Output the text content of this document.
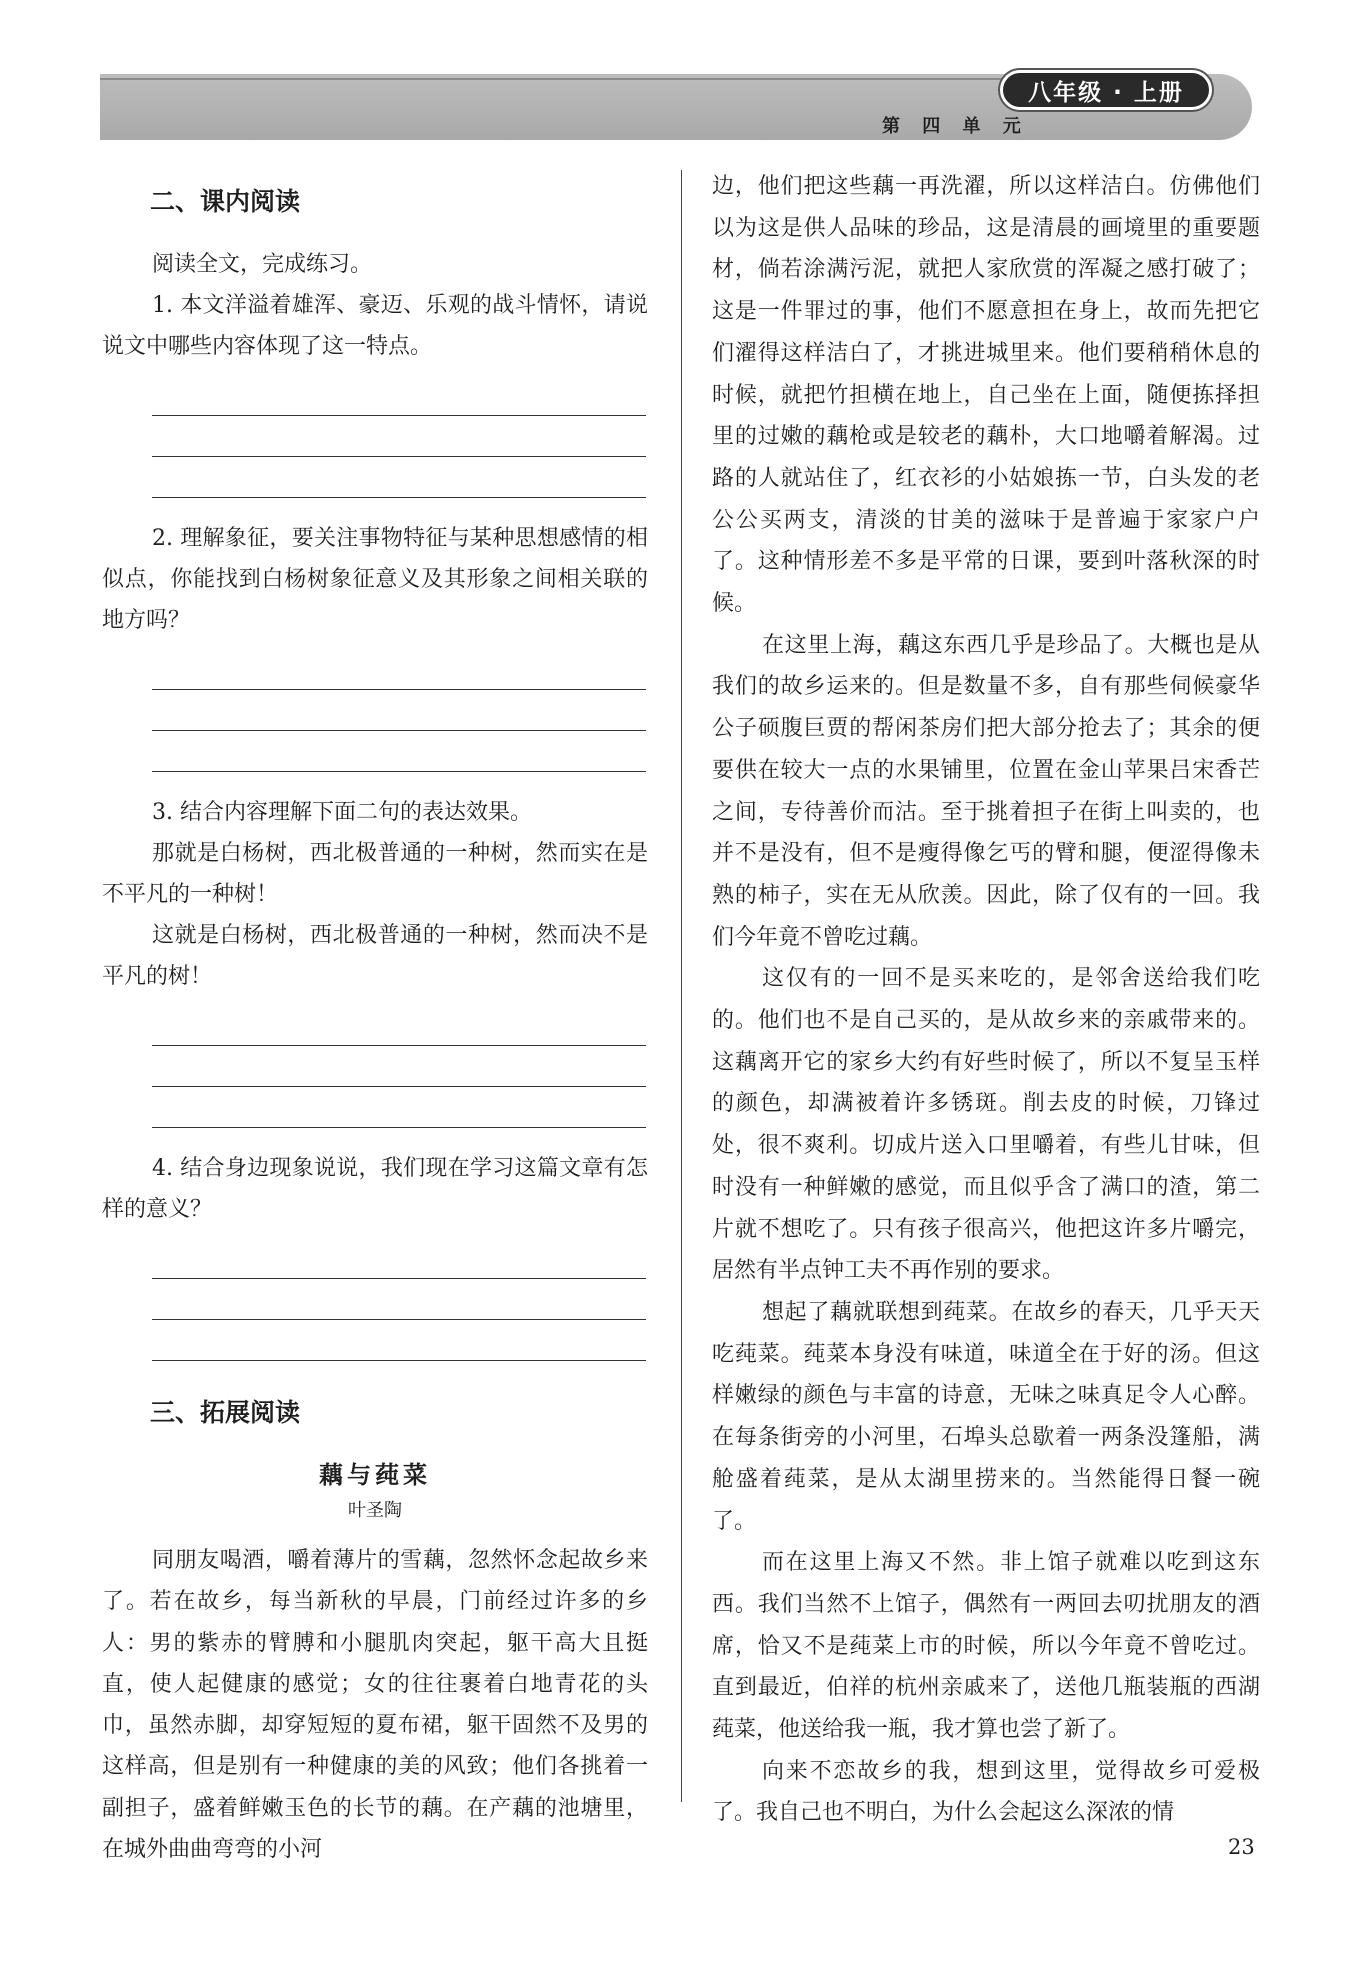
八年级 · 上册
第 四 单 元
二、课内阅读

阅读全文，完成练习。

1. 本文洋溢着雄浑、豪迈、乐观的战斗情怀，请说说文中哪些内容体现了这一特点。

2. 理解象征，要关注事物特征与某种思想感情的相似点，你能找到白杨树象征意义及其形象之间相关联的地方吗？

3. 结合内容理解下面二句的表达效果。

那就是白杨树，西北极普通的一种树，然而实在是不平凡的一种树！

这就是白杨树，西北极普通的一种树，然而决不是平凡的树！

4. 结合身边现象说说，我们现在学习这篇文章有怎样的意义？

三、拓展阅读
藕与莼菜
叶圣陶

同朋友喝酒，嚼着薄片的雪藕，忽然怀念起故乡来了。若在故乡，每当新秋的早晨，门前经过许多的乡人：男的紫赤的臂膊和小腿肌肉突起，躯干高大且挺直，使人起健康的感觉；女的往往裹着白地青花的头巾，虽然赤脚，却穿短短的夏布裙，躯干固然不及男的这样高，但是别有一种健康的美的风致；他们各挑着一副担子，盛着鲜嫩玉色的长节的藕。在产藕的池塘里，在城外曲曲弯弯的小河

边，他们把这些藕一再洗濯，所以这样洁白。仿佛他们以为这是供人品味的珍品，这是清晨的画境里的重要题材，倘若涂满污泥，就把人家欣赏的浑凝之感打破了；这是一件罪过的事，他们不愿意担在身上，故而先把它们濯得这样洁白了，才挑进城里来。他们要稍稍休息的时候，就把竹担横在地上，自己坐在上面，随便拣择担里的过嫩的藕枪或是较老的藕朴，大口地嚼着解渴。过路的人就站住了，红衣衫的小姑娘拣一节，白头发的老公公买两支，清淡的甘美的滋味于是普遍于家家户户了。这种情形差不多是平常的日课，要到叶落秋深的时候。

在这里上海，藕这东西几乎是珍品了。大概也是从我们的故乡运来的。但是数量不多，自有那些伺候豪华公子硕腹巨贾的帮闲茶房们把大部分抢去了；其余的便要供在较大一点的水果铺里，位置在金山苹果吕宋香芒之间，专待善价而沽。至于挑着担子在街上叫卖的，也并不是没有，但不是瘦得像乞丐的臂和腿，便涩得像未熟的柿子，实在无从欣羡。因此，除了仅有的一回。我们今年竟不曾吃过藕。

这仅有的一回不是买来吃的，是邻舍送给我们吃的。他们也不是自己买的，是从故乡来的亲戚带来的。这藕离开它的家乡大约有好些时候了，所以不复呈玉样的颜色，却满被着许多锈斑。削去皮的时候，刀锋过处，很不爽利。切成片送入口里嚼着，有些儿甘味，但时没有一种鲜嫩的感觉，而且似乎含了满口的渣，第二片就不想吃了。只有孩子很高兴，他把这许多片嚼完，居然有半点钟工夫不再作别的要求。

想起了藕就联想到莼菜。在故乡的春天，几乎天天吃莼菜。莼菜本身没有味道，味道全在于好的汤。但这样嫩绿的颜色与丰富的诗意，无味之味真足令人心醉。在每条街旁的小河里，石埠头总歇着一两条没篷船，满舱盛着莼菜，是从太湖里捞来的。当然能得日餐一碗了。

而在这里上海又不然。非上馆子就难以吃到这东西。我们当然不上馆子，偶然有一两回去叨扰朋友的酒席，恰又不是莼菜上市的时候，所以今年竟不曾吃过。直到最近，伯祥的杭州亲戚来了，送他几瓶装瓶的西湖莼菜，他送给我一瓶，我才算也尝了新了。

向来不恋故乡的我，想到这里，觉得故乡可爱极了。我自己也不明白，为什么会起这么深浓的情

23
